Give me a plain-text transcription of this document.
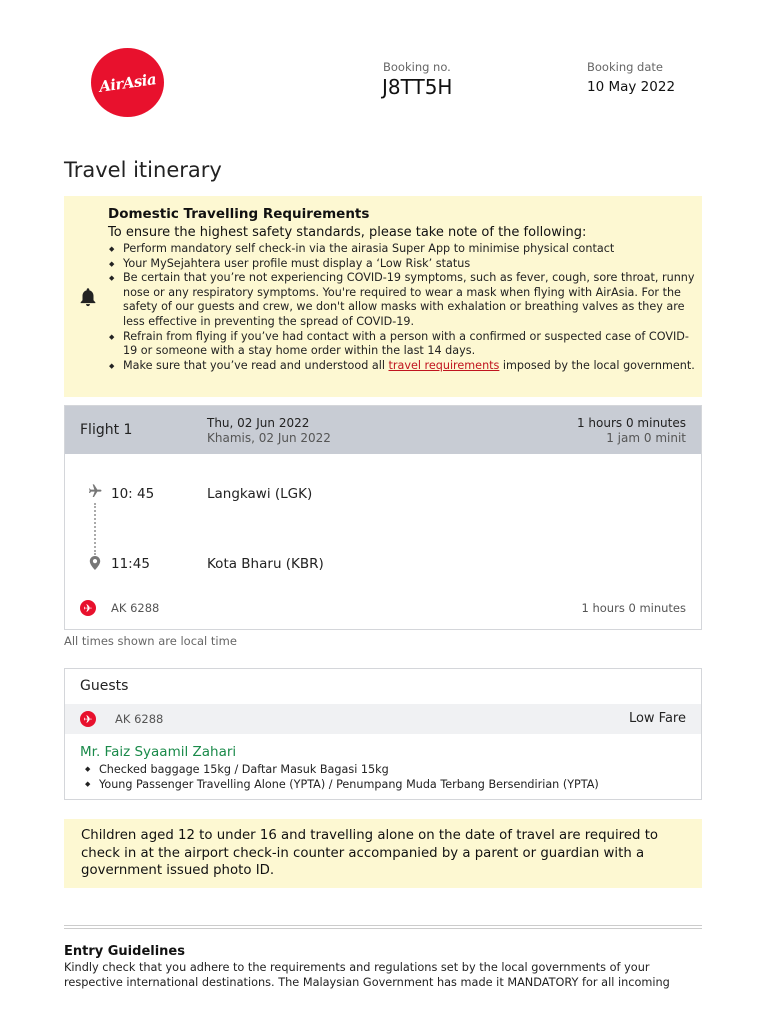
AirAsia
Booking no.
J8TT5H
Booking date
10 May 2022
Travel itinerary
Domestic Travelling Requirements
To ensure the highest safety standards, please take note of the following:
◆ Perform mandatory self check-in via the airasia Super App to minimise physical contact
◆ Your MySejahtera user profile must display a ‘Low Risk’ status
◆ Be certain that you’re not experiencing COVID-19 symptoms, such as fever, cough, sore throat, runny nose or any respiratory symptoms. You're required to wear a mask when flying with AirAsia. For the safety of our guests and crew, we don't allow masks with exhalation or breathing valves as they are less effective in preventing the spread of COVID-19.
◆ Refrain from flying if you’ve had contact with a person with a confirmed or suspected case of COVID-19 or someone with a stay home order within the last 14 days.
◆ Make sure that you’ve read and understood all travel requirements imposed by the local government.
Flight 1	Thu, 02 Jun 2022
Khamis, 02 Jun 2022
1 hours 0 minutes
1 jam 0 minit
10: 45	Langkawi (LGK)
11:45	Kota Bharu (KBR)
✈ AK 6288	1 hours 0 minutes
All times shown are local time
Guests
✈ AK 6288	Low Fare
Mr. Faiz Syaamil Zahari
◆ Checked baggage 15kg / Daftar Masuk Bagasi 15kg
◆ Young Passenger Travelling Alone (YPTA) / Penumpang Muda Terbang Bersendirian (YPTA)
Children aged 12 to under 16 and travelling alone on the date of travel are required to check in at the airport check-in counter accompanied by a parent or guardian with a government issued photo ID.
Entry Guidelines
Kindly check that you adhere to the requirements and regulations set by the local governments of your respective international destinations. The Malaysian Government has made it MANDATORY for all incoming
